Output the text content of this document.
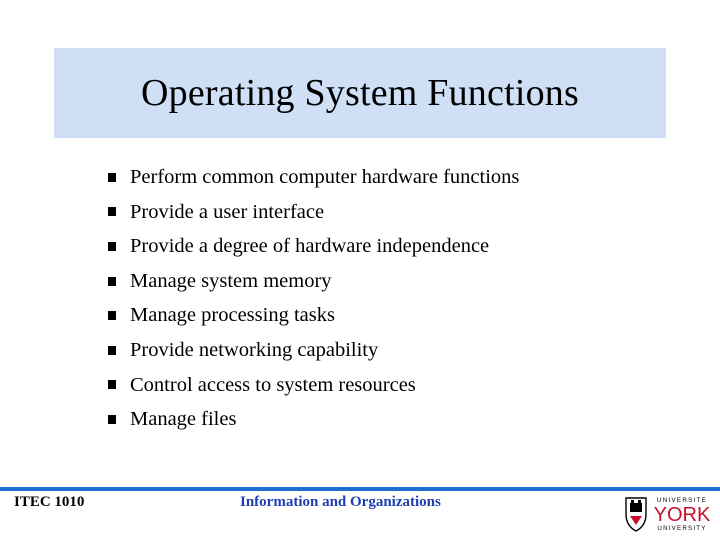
Operating System Functions
Perform common computer hardware functions
Provide a user interface
Provide a degree of hardware independence
Manage system memory
Manage processing tasks
Provide networking capability
Control access to system resources
Manage files
ITEC 1010	Information and Organizations	UNIVERSITE
YORK
UNIVERSITY
